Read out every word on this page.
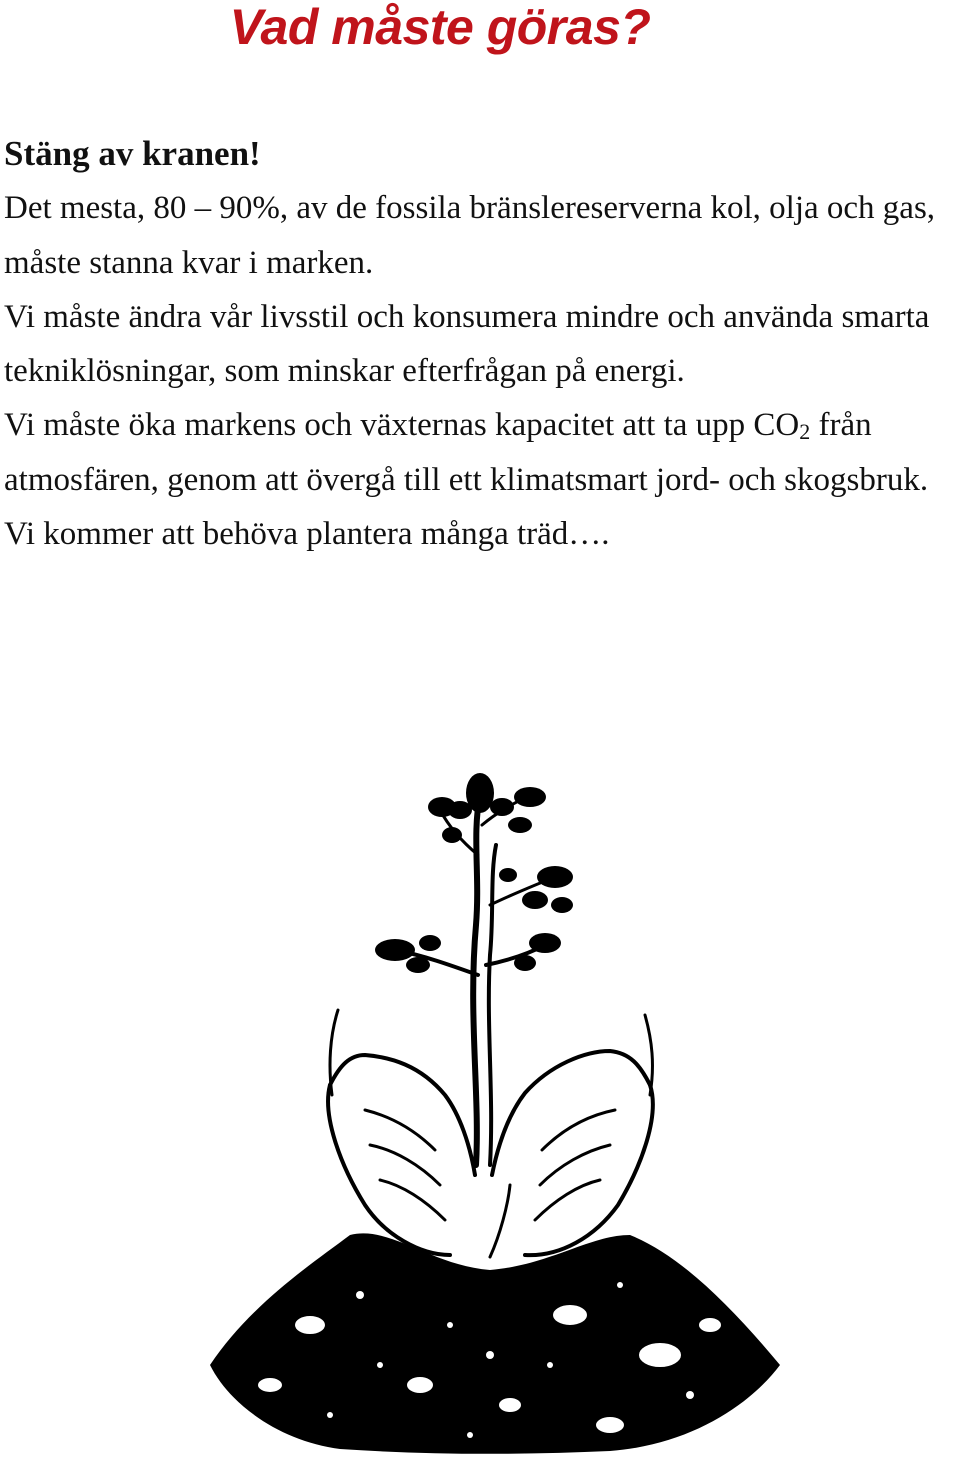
Vad måste göras?

Stäng av kranen!

Det mesta, 80 – 90%, av de fossila bränslereserverna kol, olja och gas, måste stanna kvar i marken.

Vi måste ändra vår livsstil och konsumera mindre och använda smarta tekniklösningar, som minskar efterfrågan på energi.

Vi måste öka markens och växternas kapacitet att ta upp CO2 från atmosfären, genom att övergå till ett klimatsmart jord- och skogsbruk.

Vi kommer att behöva plantera många träd….
